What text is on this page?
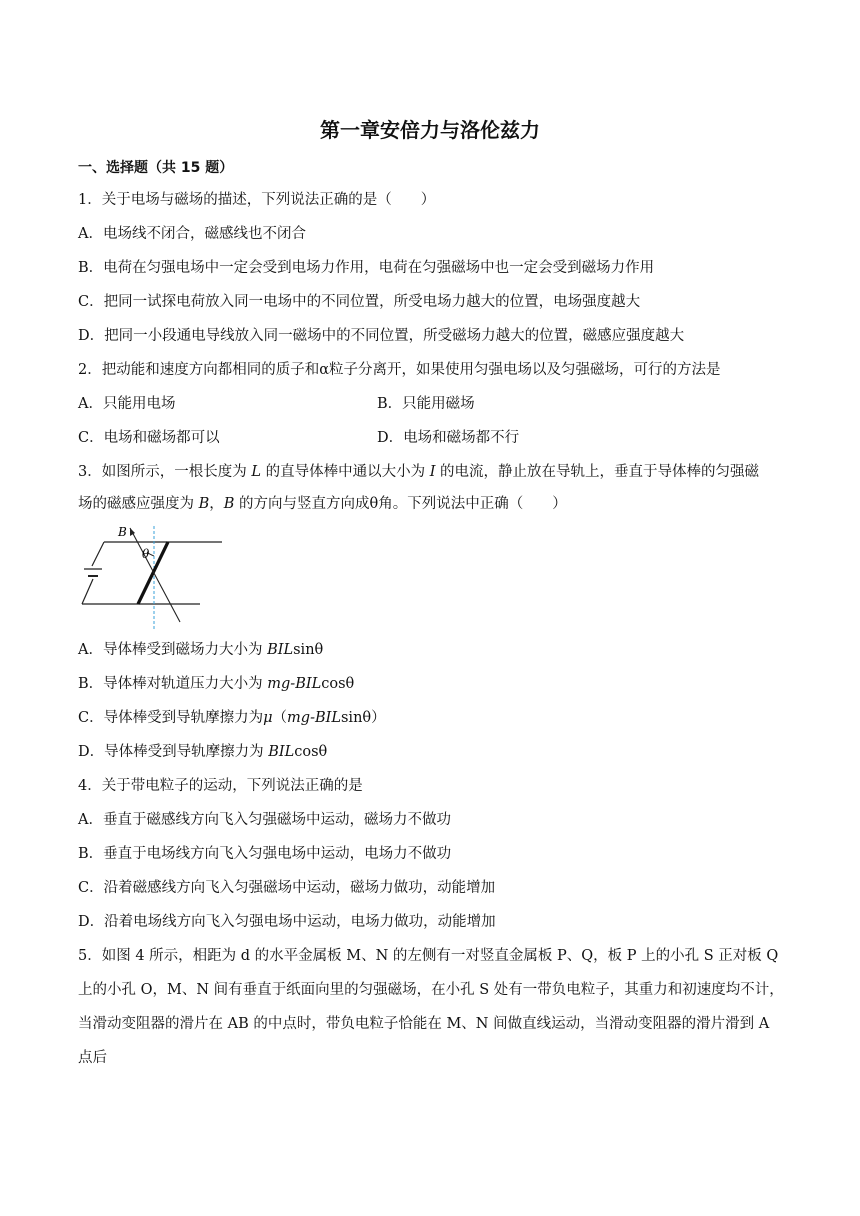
第一章安倍力与洛伦兹力
一、选择题（共 15 题）
1．关于电场与磁场的描述，下列说法正确的是（　　）
A．电场线不闭合，磁感线也不闭合
B．电荷在匀强电场中一定会受到电场力作用，电荷在匀强磁场中也一定会受到磁场力作用
C．把同一试探电荷放入同一电场中的不同位置，所受电场力越大的位置，电场强度越大
D．把同一小段通电导线放入同一磁场中的不同位置，所受磁场力越大的位置，磁感应强度越大
2．把动能和速度方向都相同的质子和α粒子分离开，如果使用匀强电场以及匀强磁场，可行的方法是
A．只能用电场	B．只能用磁场
C．电场和磁场都可以	D．电场和磁场都不行
3．如图所示，一根长度为 L 的直导体棒中通以大小为 I 的电流，静止放在导轨上，垂直于导体棒的匀强磁
场的磁感应强度为 B，B 的方向与竖直方向成θ角。下列说法中正确（　　）
B
θ
A．导体棒受到磁场力大小为 BILsinθ
B．导体棒对轨道压力大小为 mg-BILcosθ
C．导体棒受到导轨摩擦力为μ（mg-BILsinθ）
D．导体棒受到导轨摩擦力为 BILcosθ
4．关于带电粒子的运动，下列说法正确的是
A．垂直于磁感线方向飞入匀强磁场中运动，磁场力不做功
B．垂直于电场线方向飞入匀强电场中运动，电场力不做功
C．沿着磁感线方向飞入匀强磁场中运动，磁场力做功，动能增加
D．沿着电场线方向飞入匀强电场中运动，电场力做功，动能增加
5．如图 4 所示，相距为 d 的水平金属板 M、N 的左侧有一对竖直金属板 P、Q，板 P 上的小孔 S 正对板 Q
上的小孔 O，M、N 间有垂直于纸面向里的匀强磁场，在小孔 S 处有一带负电粒子，其重力和初速度均不计，
当滑动变阻器的滑片在 AB 的中点时，带负电粒子恰能在 M、N 间做直线运动，当滑动变阻器的滑片滑到 A
点后
